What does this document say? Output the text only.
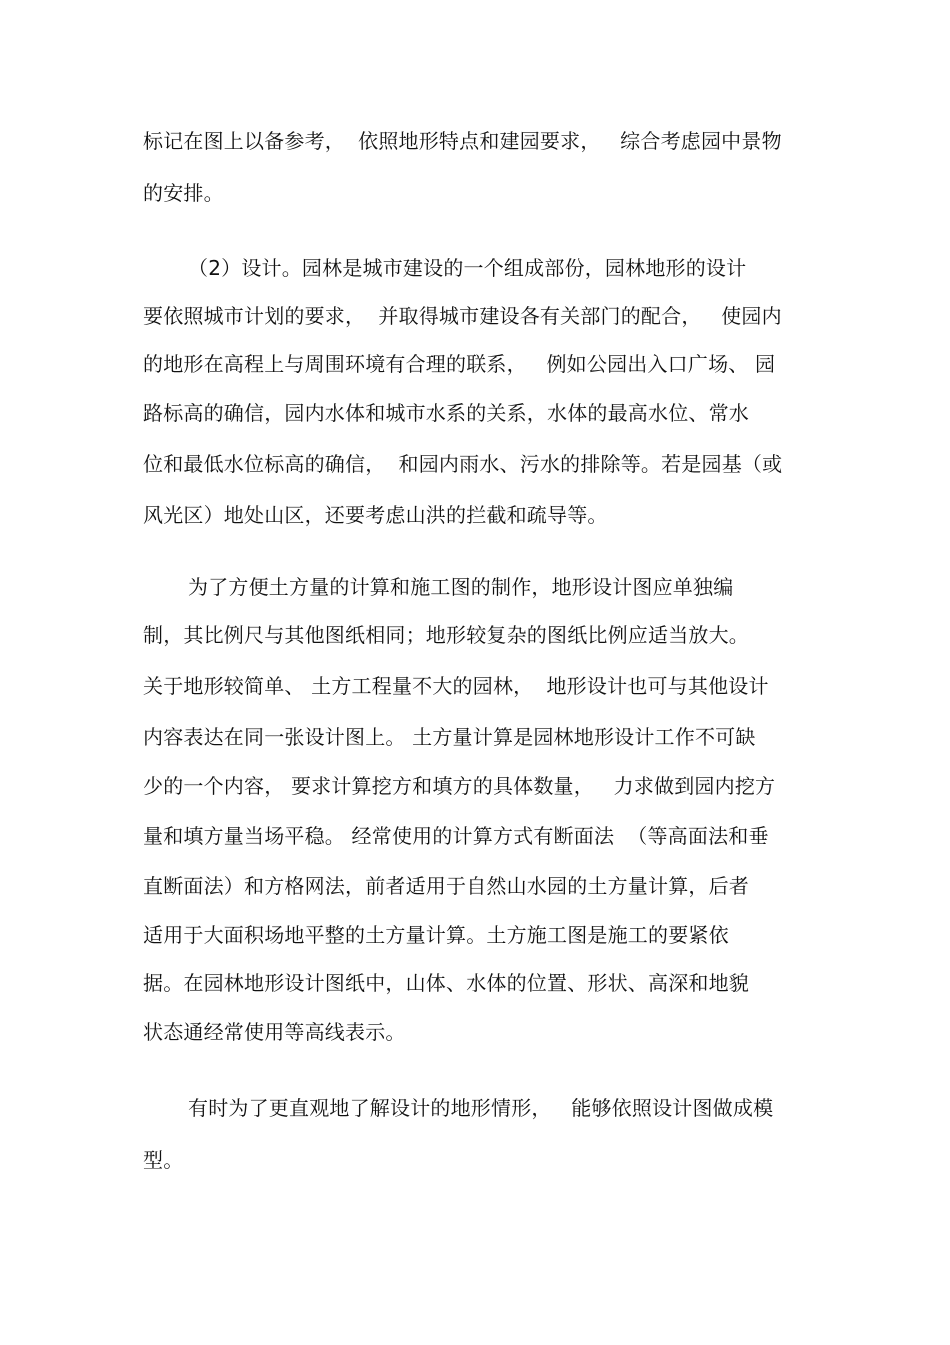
标记在图上以备参考，  依照地形特点和建园要求，   综合考虑园中景物
的安排。
（2）设计。园林是城市建设的一个组成部份，园林地形的设计
要依照城市计划的要求，  并取得城市建设各有关部门的配合，   使园内
的地形在高程上与周围环境有合理的联系，   例如公园出入口广场、 园
路标高的确信，园内水体和城市水系的关系，水体的最高水位、常水
位和最低水位标高的确信，  和园内雨水、污水的排除等。若是园基（或
风光区）地处山区，还要考虑山洪的拦截和疏导等。
为了方便土方量的计算和施工图的制作，地形设计图应单独编
制，其比例尺与其他图纸相同；地形较复杂的图纸比例应适当放大。
关于地形较简单、 土方工程量不大的园林，  地形设计也可与其他设计
内容表达在同一张设计图上。 土方量计算是园林地形设计工作不可缺
少的一个内容， 要求计算挖方和填方的具体数量，   力求做到园内挖方
量和填方量当场平稳。 经常使用的计算方式有断面法  （等高面法和垂
直断面法）和方格网法，前者适用于自然山水园的土方量计算，后者
适用于大面积场地平整的土方量计算。土方施工图是施工的要紧依
据。在园林地形设计图纸中，山体、水体的位置、形状、高深和地貌
状态通经常使用等高线表示。
有时为了更直观地了解设计的地形情形，   能够依照设计图做成模
型。
